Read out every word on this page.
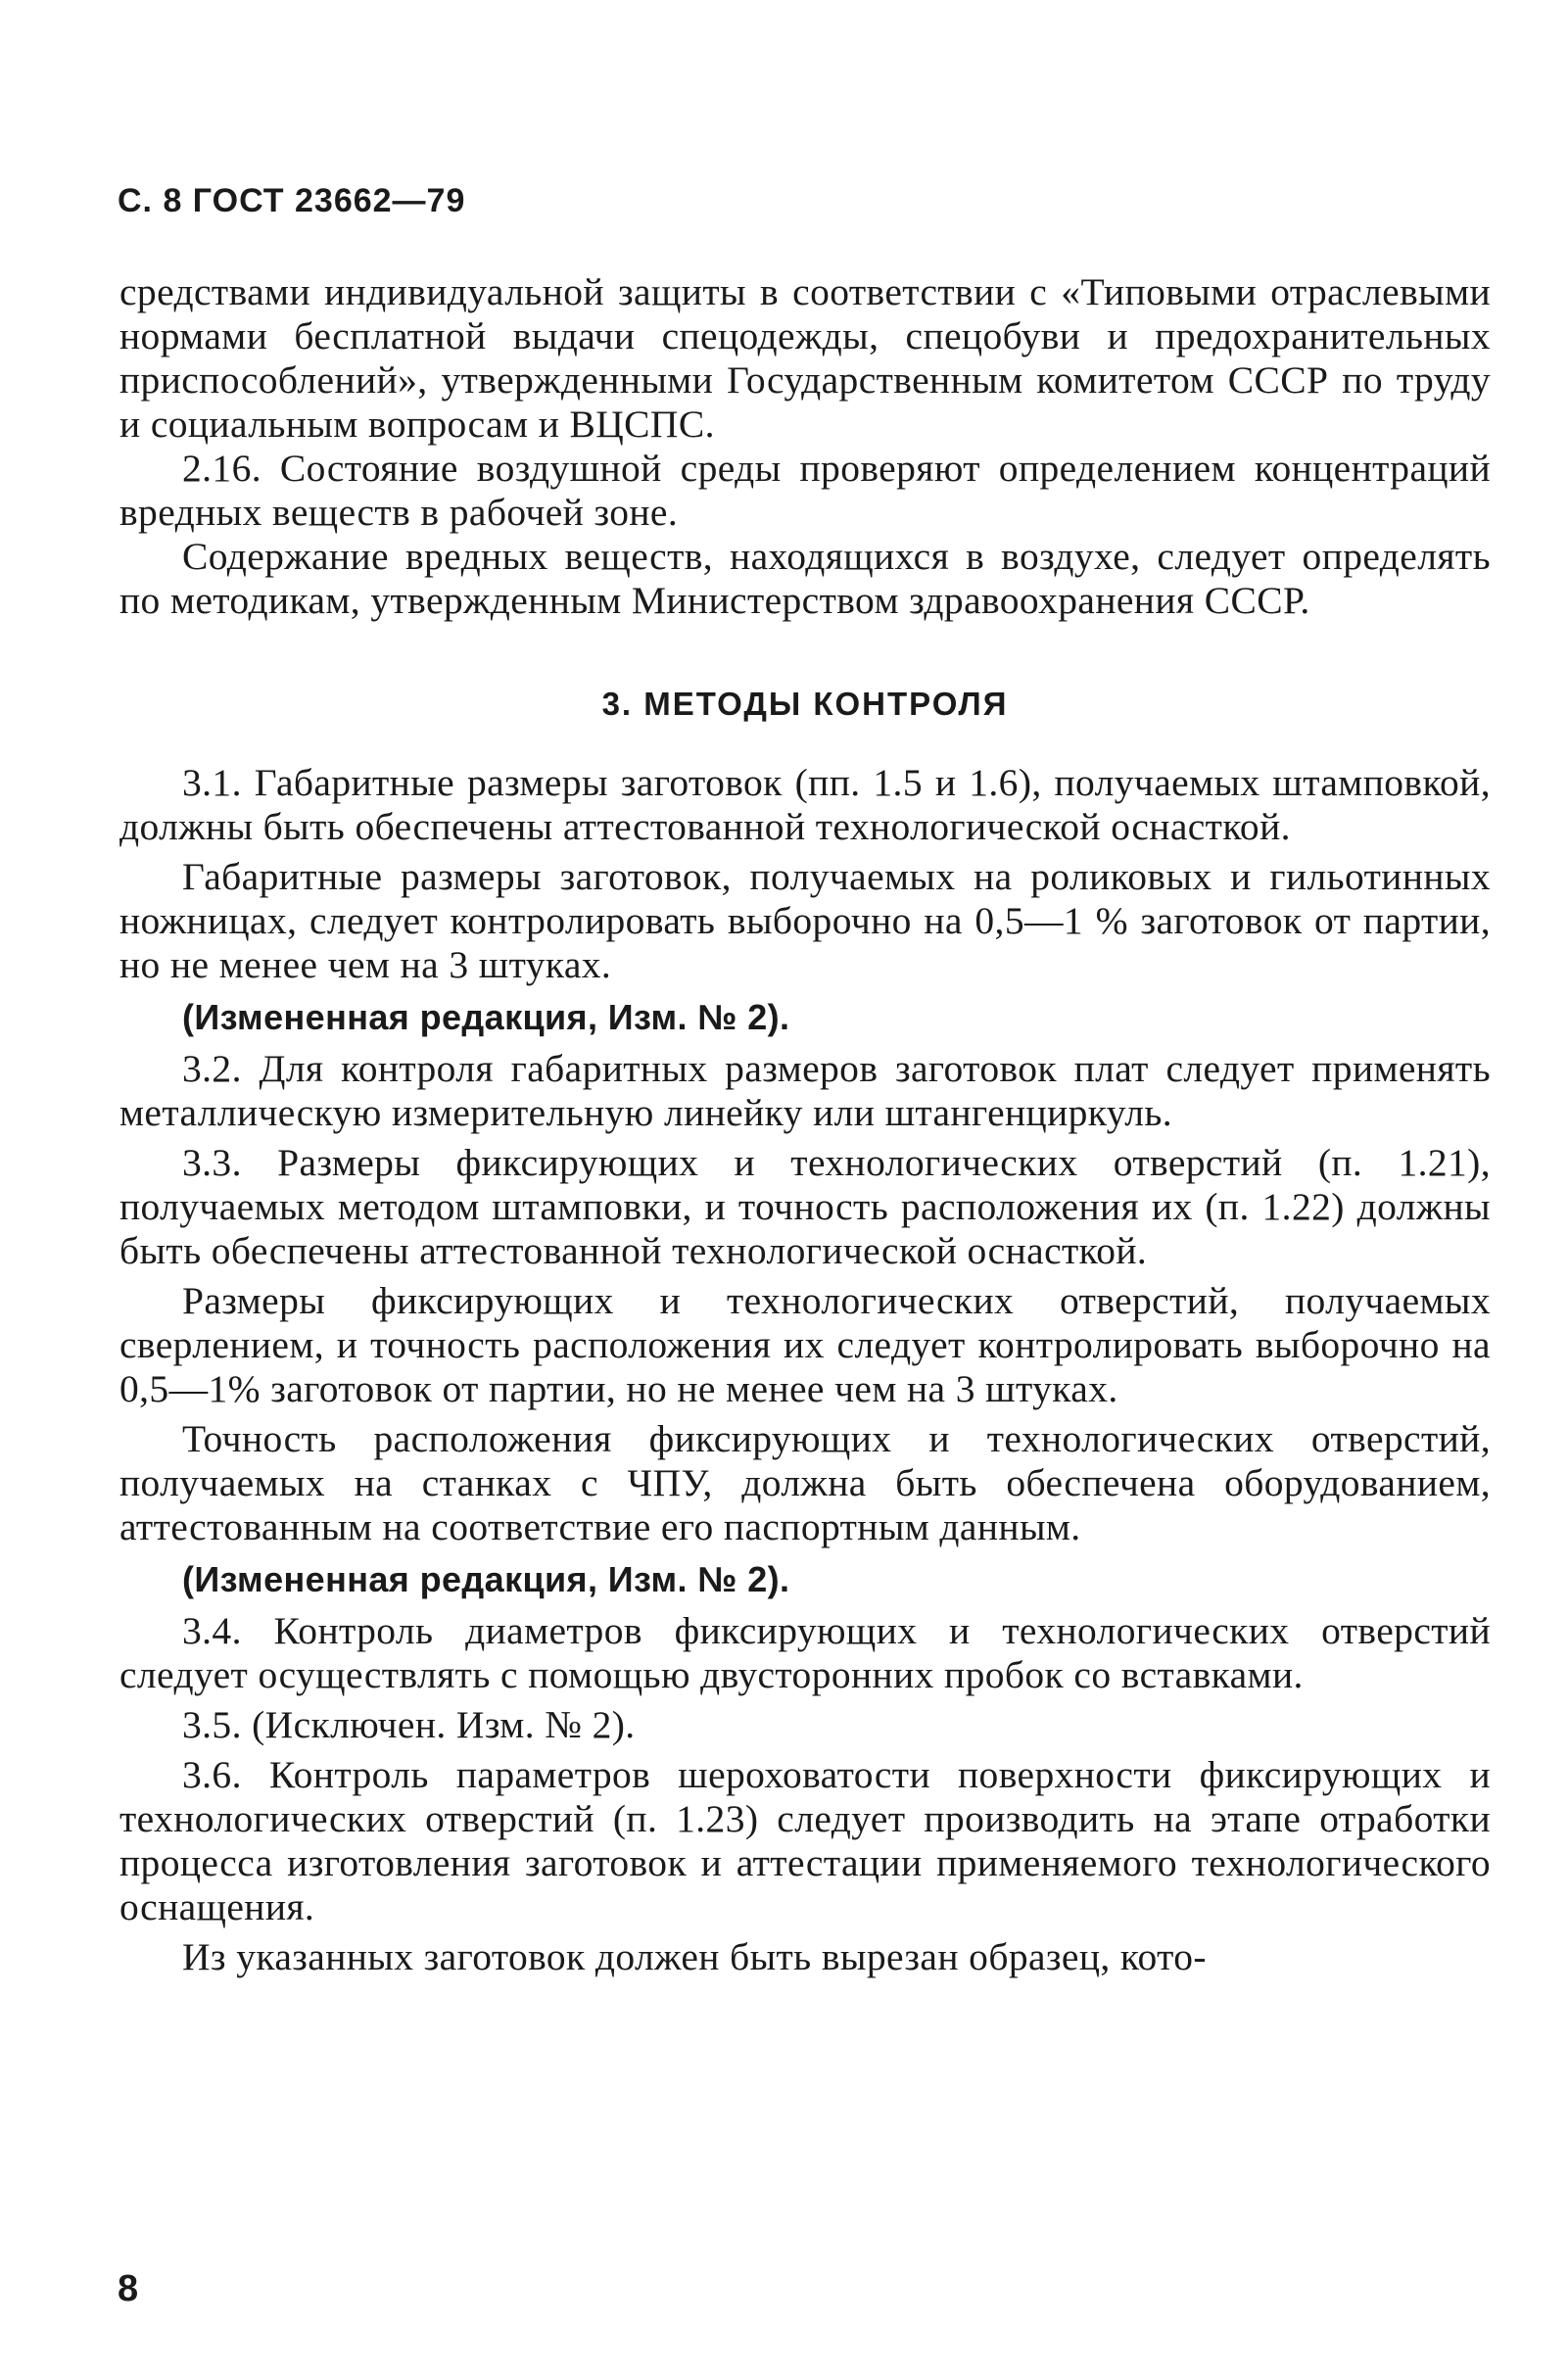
С. 8 ГОСТ 23662—79

средствами индивидуальной защиты в соответствии с «Типовыми отраслевыми нормами бесплатной выдачи спецодежды, спецобуви и предохранительных приспособлений», утвержденными Государственным комитетом СССР по труду и социальным вопросам и ВЦСПС.

2.16. Состояние воздушной среды проверяют определением концентраций вредных веществ в рабочей зоне.

Содержание вредных веществ, находящихся в воздухе, следует определять по методикам, утвержденным Министерством здравоохранения СССР.

3. МЕТОДЫ КОНТРОЛЯ

3.1. Габаритные размеры заготовок (пп. 1.5 и 1.6), получаемых штамповкой, должны быть обеспечены аттестованной технологической оснасткой.

Габаритные размеры заготовок, получаемых на роликовых и гильотинных ножницах, следует контролировать выборочно на 0,5—1 % заготовок от партии, но не менее чем на 3 штуках.

(Измененная редакция, Изм. № 2).

3.2. Для контроля габаритных размеров заготовок плат следует применять металлическую измерительную линейку или штангенциркуль.

3.3. Размеры фиксирующих и технологических отверстий (п. 1.21), получаемых методом штамповки, и точность расположения их (п. 1.22) должны быть обеспечены аттестованной технологической оснасткой.

Размеры фиксирующих и технологических отверстий, получаемых сверлением, и точность расположения их следует контролировать выборочно на 0,5—1% заготовок от партии, но не менее чем на 3 штуках.

Точность расположения фиксирующих и технологических отверстий, получаемых на станках с ЧПУ, должна быть обеспечена оборудованием, аттестованным на соответствие его паспортным данным.

(Измененная редакция, Изм. № 2).

3.4. Контроль диаметров фиксирующих и технологических отверстий следует осуществлять с помощью двусторонних пробок со вставками.

3.5. (Исключен. Изм. № 2).

3.6. Контроль параметров шероховатости поверхности фиксирующих и технологических отверстий (п. 1.23) следует производить на этапе отработки процесса изготовления заготовок и аттестации применяемого технологического оснащения.

Из указанных заготовок должен быть вырезан образец, кото-

8
